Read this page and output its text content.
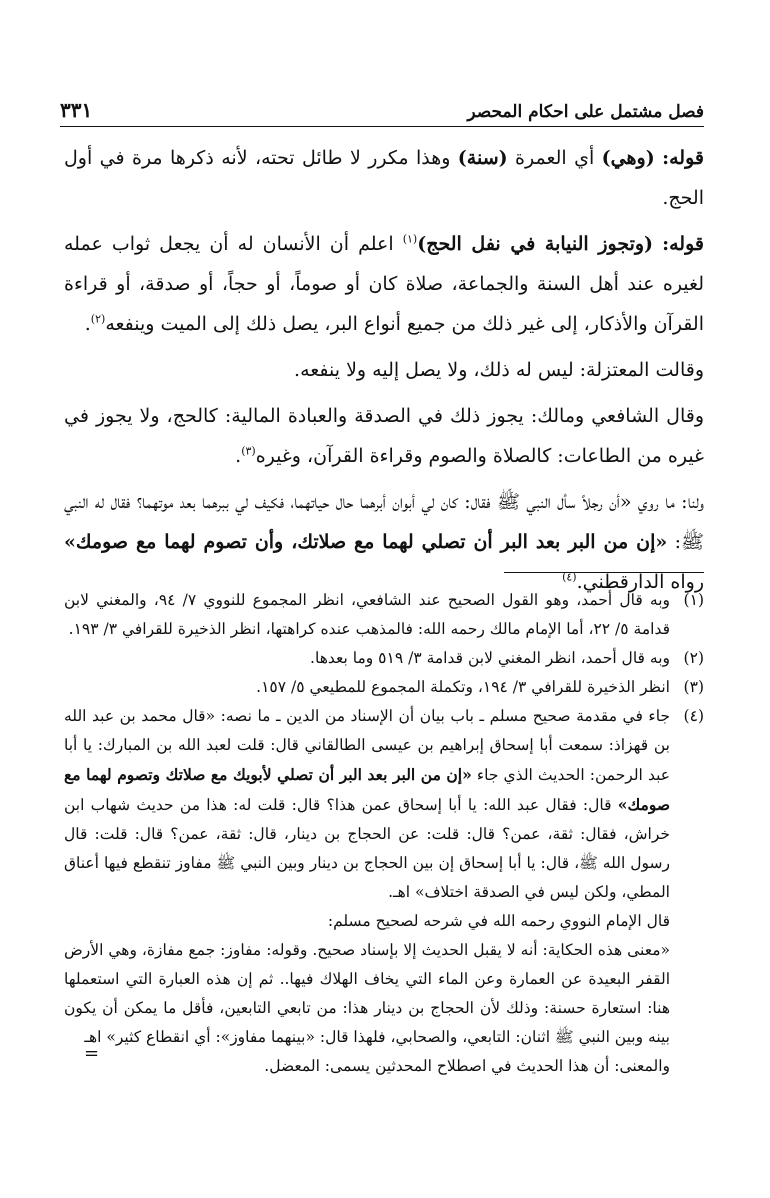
فصل مشتمل على احكام المحصر
٣٣١

قوله: (وهي) أي العمرة (سنة) وهذا مكرر لا طائل تحته، لأنه ذكرها مرة في أول الحج.

قوله: (وتجوز النيابة في نفل الحج)$^{(١)}$ اعلم أن الأنسان له أن يجعل ثواب عمله لغيره عند أهل السنة والجماعة، صلاة كان أو صوماً، أو حجاً، أو صدقة، أو قراءة القرآن والأذكار، إلى غير ذلك من جميع أنواع البر، يصل ذلك إلى الميت وينفعه$^{(٢)}$.

وقالت المعتزلة: ليس له ذلك، ولا يصل إليه ولا ينفعه.

وقال الشافعي ومالك: يجوز ذلك في الصدقة والعبادة المالية: كالحج، ولا يجوز في غيره من الطاعات: كالصلاة والصوم وقراءة القرآن، وغيره$^{(٣)}$.

ولنا: ما روي «أن رجلاً سأل النبي ﷺ فقال: كان لي أبوان أبرهما حال حياتهما، فكيف لي ببرهما بعد موتهما؟ فقال له النبي ﷺ: «إن من البر بعد البر أن تصلي لهما مع صلاتك، وأن تصوم لهما مع صومك» رواه الدارقطني.$^{(٤)}$

(١)
وبه قال أحمد، وهو القول الصحيح عند الشافعي، انظر المجموع للنووي ٧/ ٩٤، والمغني لابن قدامة ٥/ ٢٢، أما الإمام مالك رحمه الله: فالمذهب عنده كراهتها، انظر الذخيرة للقرافي ٣/ ١٩٣.
(٢)
وبه قال أحمد، انظر المغني لابن قدامة ٣/ ٥١٩ وما بعدها.
(٣)
انظر الذخيرة للقرافي ٣/ ١٩٤، وتكملة المجموع للمطيعي ٥/ ١٥٧.
(٤)

جاء في مقدمة صحيح مسلم ـ باب بيان أن الإسناد من الدين ـ ما نصه: «قال محمد بن عبد الله بن قهزاذ: سمعت أبا إسحاق إبراهيم بن عيسى الطالقاني قال: قلت لعبد الله بن المبارك: يا أبا عبد الرحمن: الحديث الذي جاء «إن من البر بعد البر أن تصلي لأبويك مع صلاتك وتصوم لهما مع صومك» قال: فقال عبد الله: يا أبا إسحاق عمن هذا؟ قال: قلت له: هذا من حديث شهاب ابن خراش، فقال: ثقة، عمن؟ قال: قلت: عن الحجاج بن دينار، قال: ثقة، عمن؟ قال: قلت: قال رسول الله ﷺ، قال: يا أبا إسحاق إن بين الحجاج بن دينار وبين النبي ﷺ مفاوز تنقطع فيها أعناق المطي، ولكن ليس في الصدقة اختلاف» اهـ.

قال الإمام النووي رحمه الله في شرحه لصحيح مسلم:

«معنى هذه الحكاية: أنه لا يقبل الحديث إلا بإسناد صحيح. وقوله: مفاوز: جمع مفازة، وهي الأرض القفر البعيدة عن العمارة وعن الماء التي يخاف الهلاك فيها.. ثم إن هذه العبارة التي استعملها هنا: استعارة حسنة: وذلك لأن الحجاج بن دينار هذا: من تابعي التابعين، فأقل ما يمكن أن يكون بينه وبين النبي ﷺ اثنان: التابعي، والصحابي، فلهذا قال: «بينهما مفاوز»: أي انقطاع كثير» اهـ

والمعنى: أن هذا الحديث في اصطلاح المحدثين يسمى: المعضل.

=
